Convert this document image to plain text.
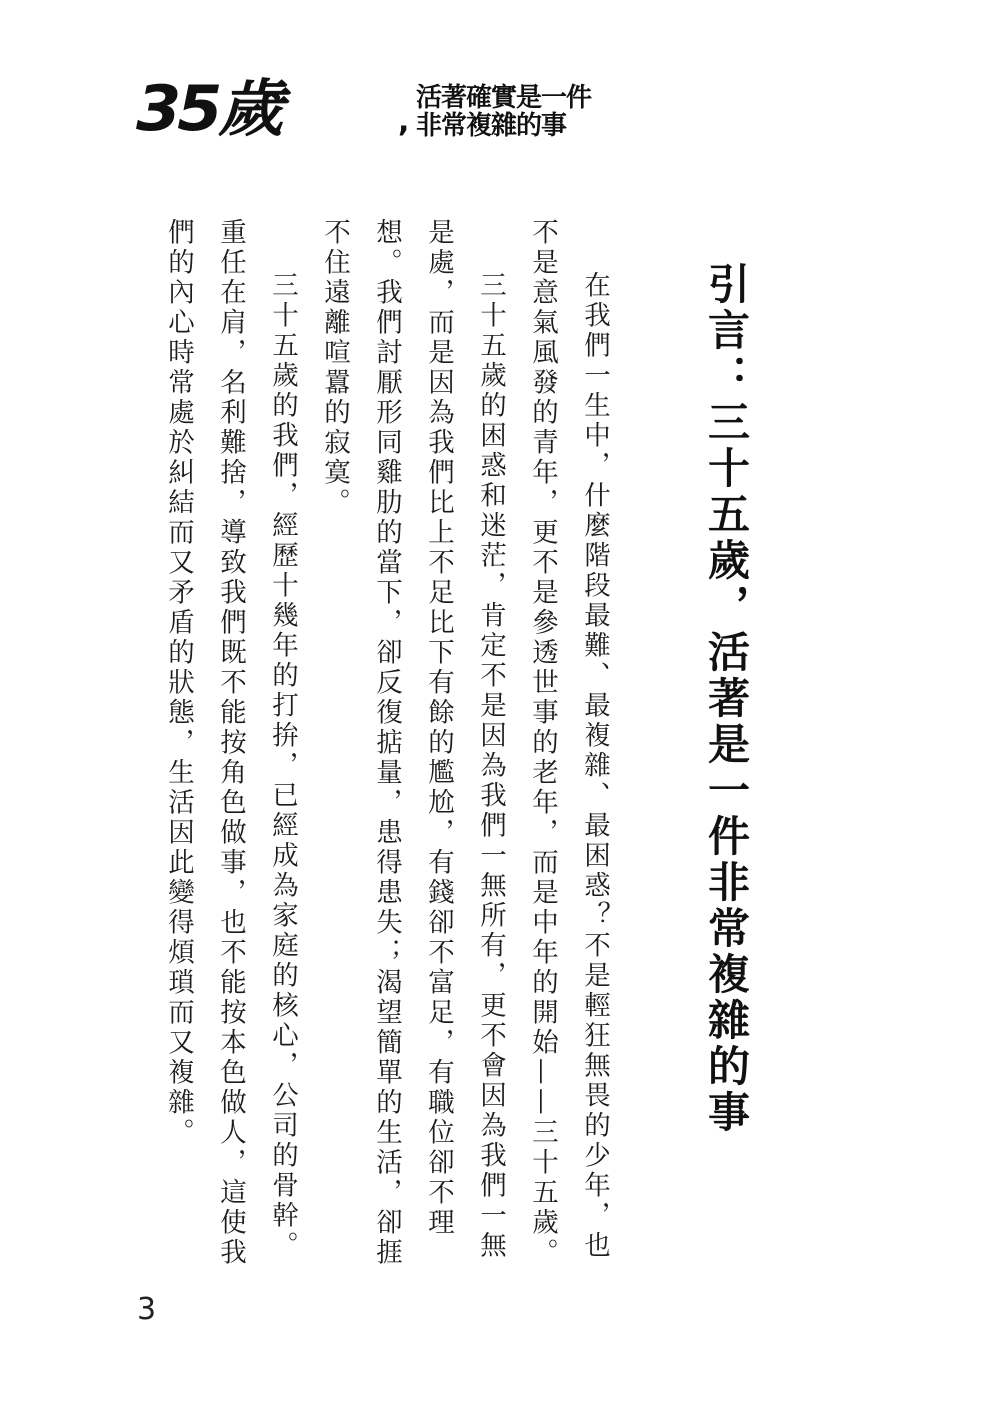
35歲	,
活著確實是一件
非常複雜的事
引言：三十五歲，活著是一件非常複雜的事

在我們一生中，什麼階段最難、最複雜、最困惑？不是輕狂無畏的少年，也不是意氣風發的青年，更不是參透世事的老年，而是中年的開始——三十五歲。

三十五歲的困惑和迷茫，肯定不是因為我們一無所有，更不會因為我們一無是處，而是因為我們比上不足比下有餘的尷尬，有錢卻不富足，有職位卻不理想。我們討厭形同雞肋的當下，卻反復掂量，患得患失；渴望簡單的生活，卻捱不住遠離喧囂的寂寞。

三十五歲的我們，經歷十幾年的打拚，已經成為家庭的核心，公司的骨幹。重任在肩，名利難捨，導致我們既不能按角色做事，也不能按本色做人，這使我們的內心時常處於糾結而又矛盾的狀態，生活因此變得煩瑣而又複雜。

3
